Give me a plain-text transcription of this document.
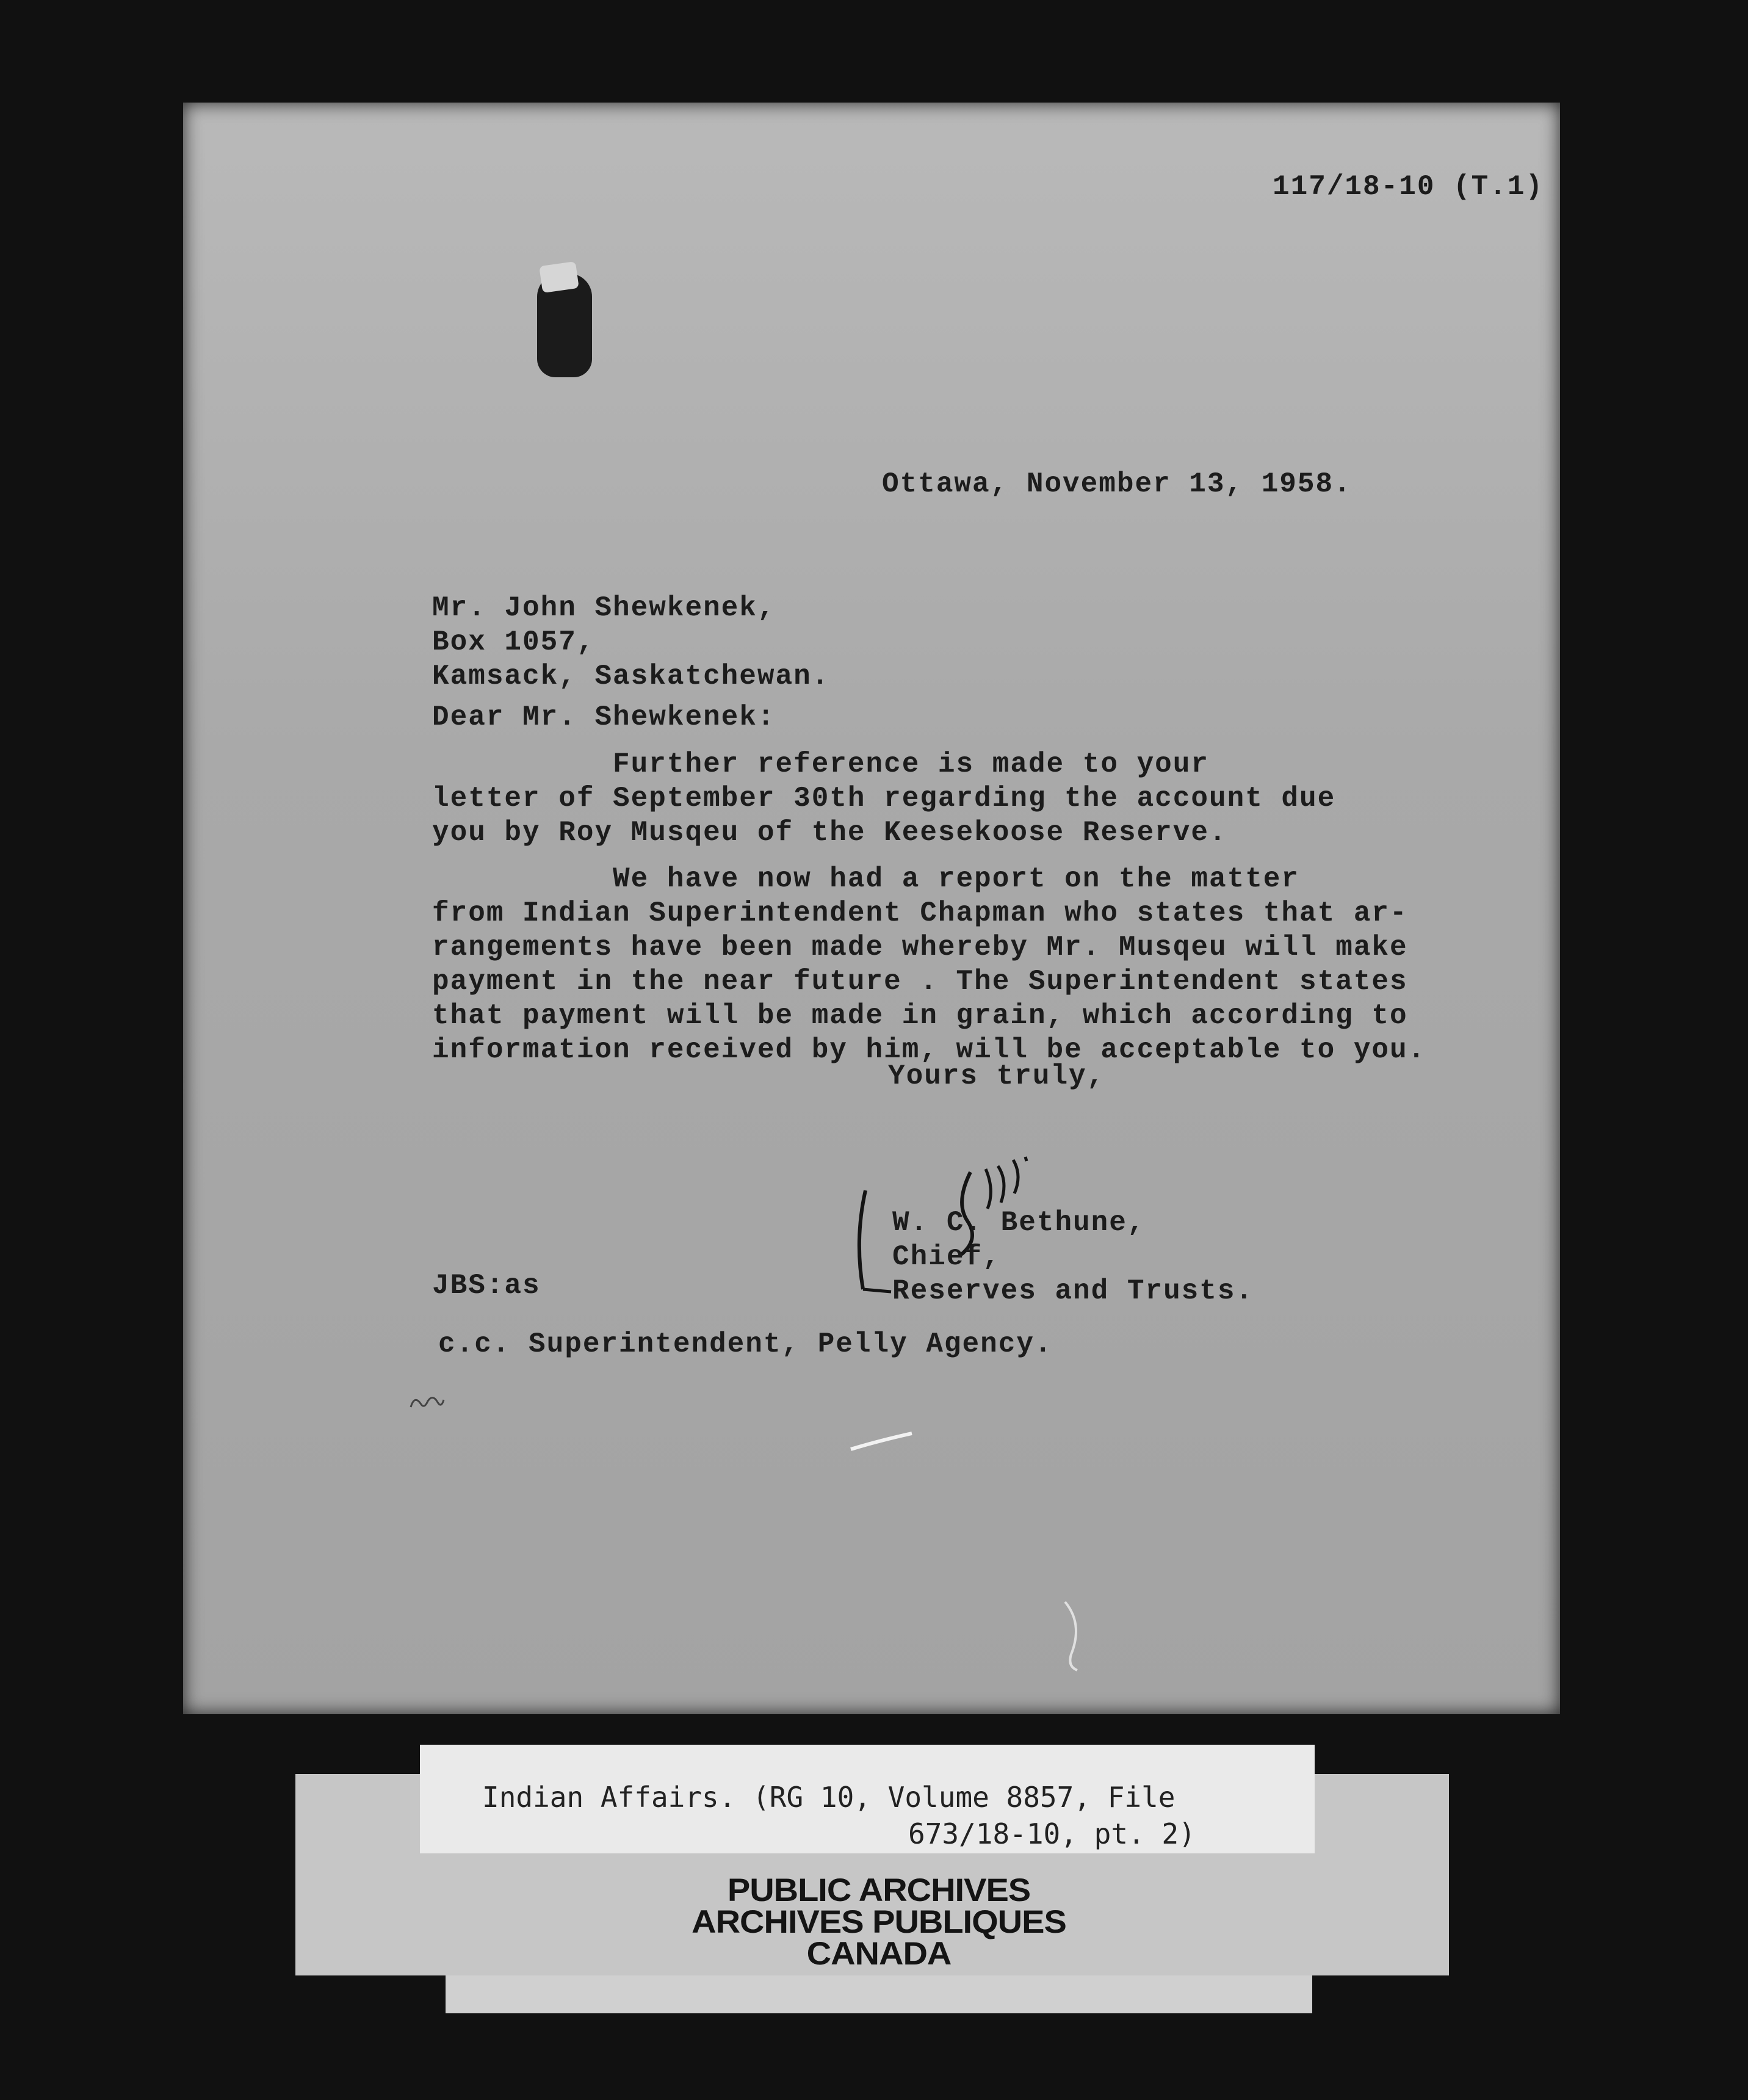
117/18-10 (T.1)
Ottawa, November 13, 1958.
Mr. John Shewkenek,
Box 1057,
Kamsack, Saskatchewan.
Dear Mr. Shewkenek:
Further reference is made to your
letter of September 30th regarding the account due
you by Roy Musqeu of the Keesekoose Reserve.
We have now had a report on the matter
from Indian Superintendent Chapman who states that ar-
rangements have been made whereby Mr. Musqeu will make
payment in the near future . The Superintendent states
that payment will be made in grain, which according to
information received by him, will be acceptable to you.
Yours truly,
W. C. Bethune,
Chief,
Reserves and Trusts.
JBS:as
c.c. Superintendent, Pelly Agency.
Indian Affairs. (RG 10, Volume 8857, File
673/18-10, pt. 2)
PUBLIC ARCHIVES
ARCHIVES PUBLIQUES
CANADA
